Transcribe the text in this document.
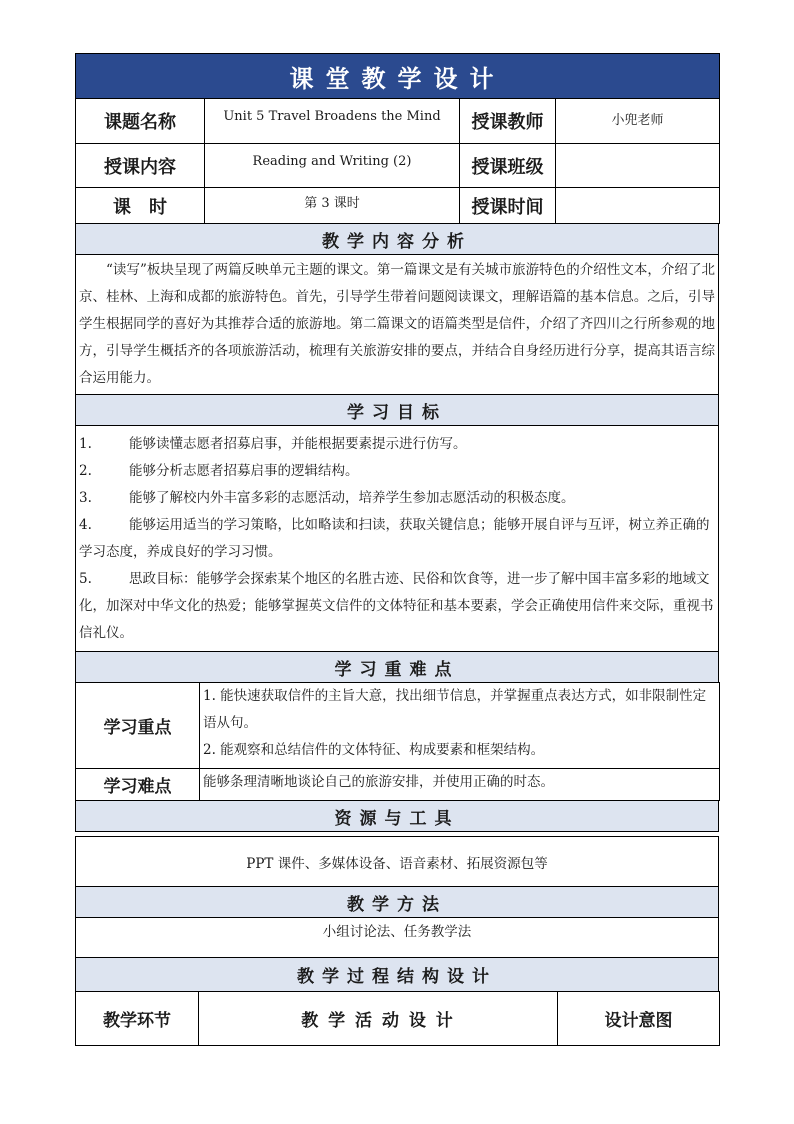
课堂教学设计			
课题名称	Unit 5 Travel Broadens the Mind	授课教师	小兜老师
授课内容	Reading and Writing (2)	授课班级	
课　时	第 3 课时	授课时间	
教学内容分析
“读写”板块呈现了两篇反映单元主题的课文。第一篇课文是有关城市旅游特色的介绍性文本，介绍了北京、桂林、上海和成都的旅游特色。首先，引导学生带着问题阅读课文，理解语篇的基本信息。之后，引导学生根据同学的喜好为其推荐合适的旅游地。第二篇课文的语篇类型是信件，介绍了齐四川之行所参观的地方，引导学生概括齐的各项旅游活动，梳理有关旅游安排的要点，并结合自身经历进行分享，提高其语言综合运用能力。
学习目标

1.	能够读懂志愿者招募启事，并能根据要素提示进行仿写。
2.	能够分析志愿者招募启事的逻辑结构。
3.	能够了解校内外丰富多彩的志愿活动，培养学生参加志愿活动的积极态度。
4.	能够运用适当的学习策略，比如略读和扫读，获取关键信息；能够开展自评与互评，树立养正确的学习态度，养成良好的学习习惯。
5.	思政目标：能够学会探索某个地区的名胜古迹、民俗和饮食等，进一步了解中国丰富多彩的地域文化，加深对中华文化的热爱；能够掌握英文信件的文体特征和基本要素，学会正确使用信件来交际，重视书信礼仪。

学习重难点
学习重点	1. 能快速获取信件的主旨大意，找出细节信息，并掌握重点表达方式，如非限制性定语从句。
2. 能观察和总结信件的文体特征、构成要素和框架结构。

学习难点	能够条理清晰地谈论自己的旅游安排，并使用正确的时态。
资源与工具
PPT 课件、多媒体设备、语音素材、拓展资源包等
教学方法
小组讨论法、任务教学法
教学过程结构设计
教学环节	教 学 活 动 设 计	设计意图
